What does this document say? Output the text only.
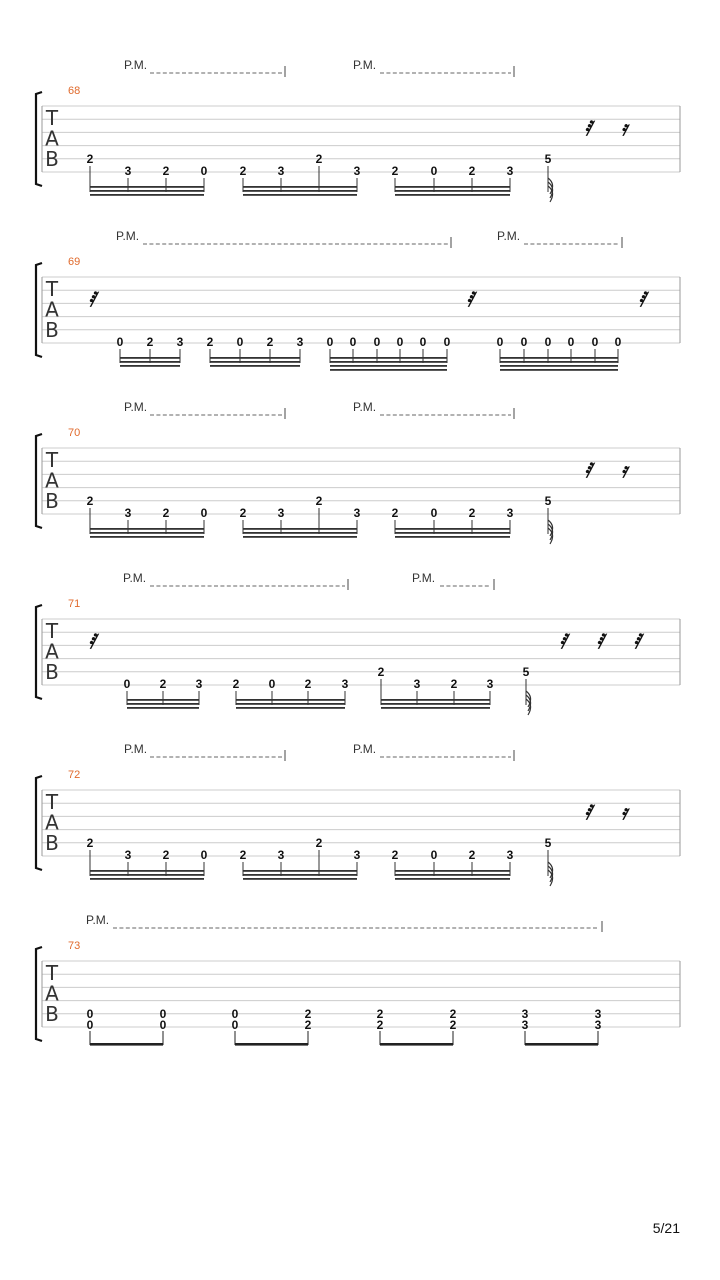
T
A
B
68
P.M.	P.M.
𝅀 𝄿
2
3	2	0	2	3
2
3	2	0	2	3
5
T
A
B
69
P.M.	P.M.
𝅀	𝅀	𝅀
0 2 3 2 0 2 3 0 0 0 0 0 0	0 0 0 0 0 0
T
A
B
70
P.M.	P.M.
𝅀 𝄿
2
3	2	0	2	3
2
3	2	0	2	3
5
T
A
B
71
P.M.	P.M.
𝅀	𝅀 𝅀 𝅀
0 2 3	2 0 2	3
2
3	2 3
5
T
A
B
72
P.M.	P.M.
𝅀 𝄿
2
3	2	0	2	3
2
3	2	0	2	3
5
T
A
B
73
P.M.
0
0
0
0
0
0
2
2
2
2
2
2
3
3
3
3
5/21
